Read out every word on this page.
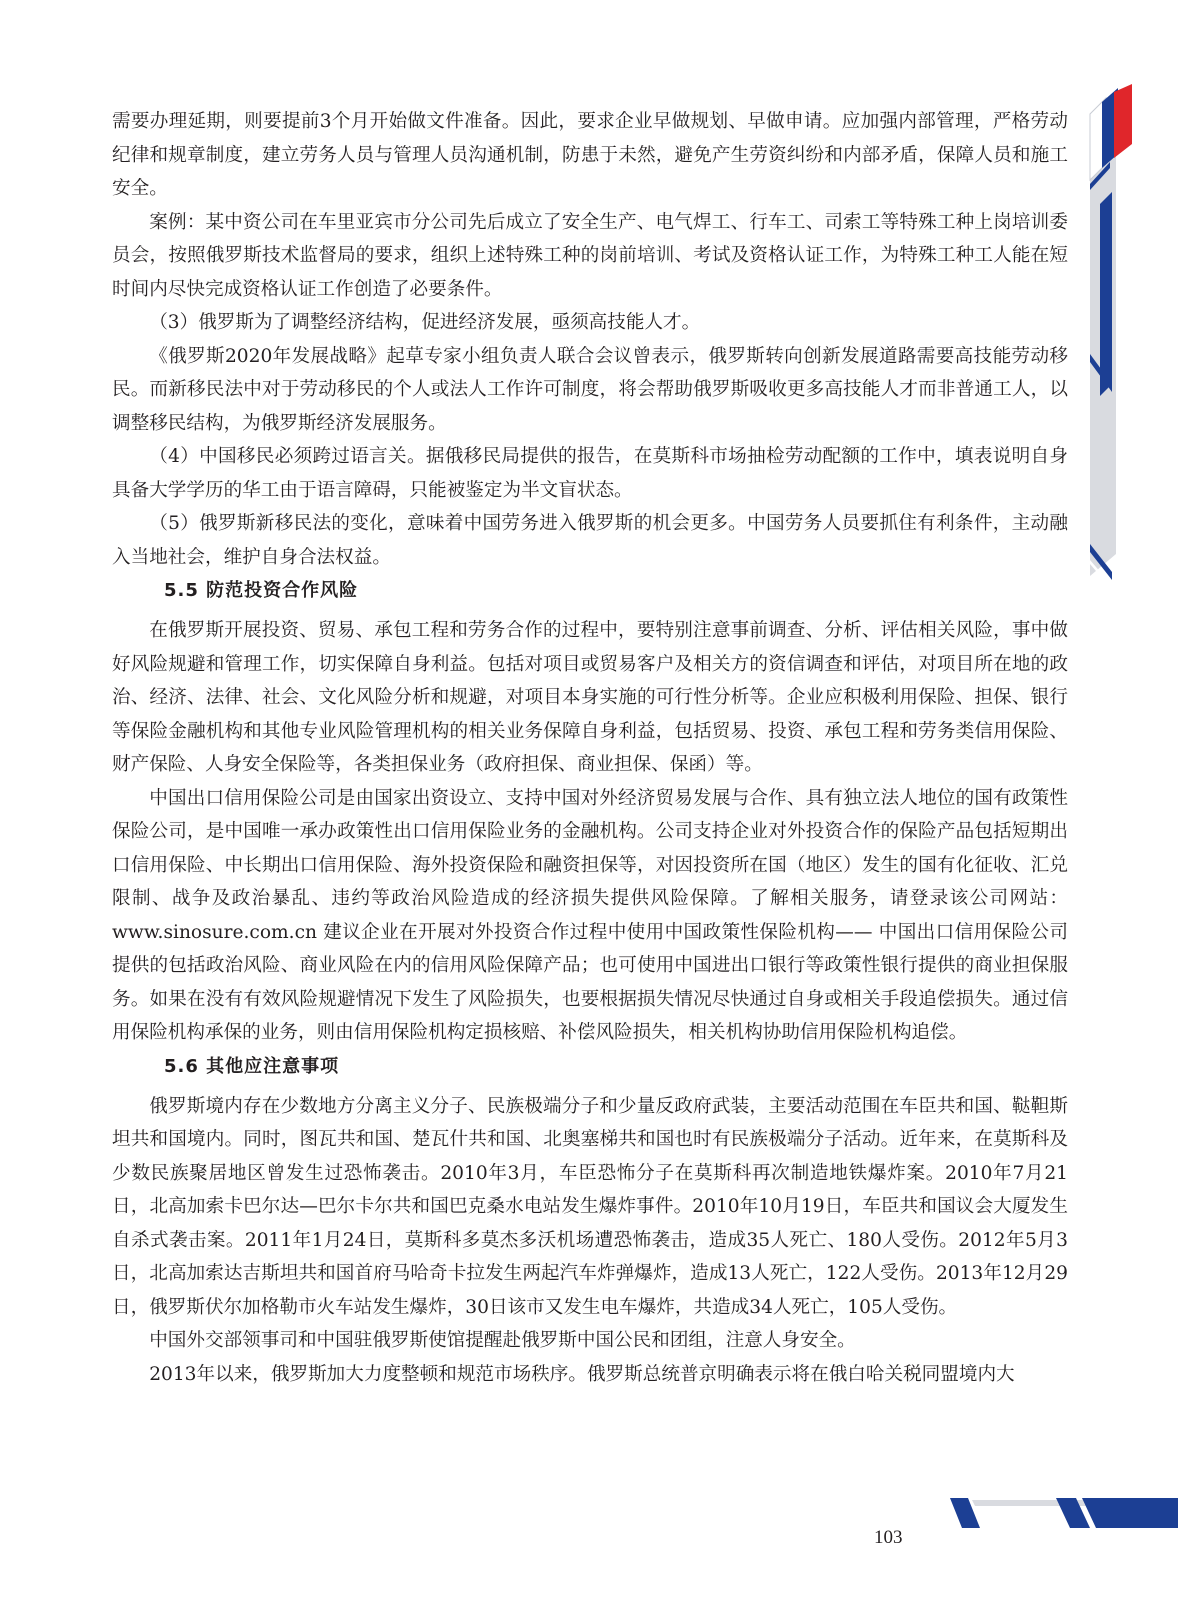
需要办理延期，则要提前3个月开始做文件准备。因此，要求企业早做规划、早做申请。应加强内部管理，严格劳动纪律和规章制度，建立劳务人员与管理人员沟通机制，防患于未然，避免产生劳资纠纷和内部矛盾，保障人员和施工安全。

案例：某中资公司在车里亚宾市分公司先后成立了安全生产、电气焊工、行车工、司索工等特殊工种上岗培训委员会，按照俄罗斯技术监督局的要求，组织上述特殊工种的岗前培训、考试及资格认证工作，为特殊工种工人能在短时间内尽快完成资格认证工作创造了必要条件。

（3）俄罗斯为了调整经济结构，促进经济发展，亟须高技能人才。

《俄罗斯2020年发展战略》起草专家小组负责人联合会议曾表示，俄罗斯转向创新发展道路需要高技能劳动移民。而新移民法中对于劳动移民的个人或法人工作许可制度，将会帮助俄罗斯吸收更多高技能人才而非普通工人，以调整移民结构，为俄罗斯经济发展服务。

（4）中国移民必须跨过语言关。据俄移民局提供的报告，在莫斯科市场抽检劳动配额的工作中，填表说明自身具备大学学历的华工由于语言障碍，只能被鉴定为半文盲状态。

（5）俄罗斯新移民法的变化，意味着中国劳务进入俄罗斯的机会更多。中国劳务人员要抓住有利条件，主动融入当地社会，维护自身合法权益。

5.5 防范投资合作风险

在俄罗斯开展投资、贸易、承包工程和劳务合作的过程中，要特别注意事前调查、分析、评估相关风险，事中做好风险规避和管理工作，切实保障自身利益。包括对项目或贸易客户及相关方的资信调查和评估，对项目所在地的政治、经济、法律、社会、文化风险分析和规避，对项目本身实施的可行性分析等。企业应积极利用保险、担保、银行等保险金融机构和其他专业风险管理机构的相关业务保障自身利益，包括贸易、投资、承包工程和劳务类信用保险、财产保险、人身安全保险等，各类担保业务（政府担保、商业担保、保函）等。

中国出口信用保险公司是由国家出资设立、支持中国对外经济贸易发展与合作、具有独立法人地位的国有政策性保险公司，是中国唯一承办政策性出口信用保险业务的金融机构。公司支持企业对外投资合作的保险产品包括短期出口信用保险、中长期出口信用保险、海外投资保险和融资担保等，对因投资所在国（地区）发生的国有化征收、汇兑限制、战争及政治暴乱、违约等政治风险造成的经济损失提供风险保障。了解相关服务，请登录该公司网站：www.sinosure.com.cn 建议企业在开展对外投资合作过程中使用中国政策性保险机构—— 中国出口信用保险公司提供的包括政治风险、商业风险在内的信用风险保障产品；也可使用中国进出口银行等政策性银行提供的商业担保服务。如果在没有有效风险规避情况下发生了风险损失，也要根据损失情况尽快通过自身或相关手段追偿损失。通过信用保险机构承保的业务，则由信用保险机构定损核赔、补偿风险损失，相关机构协助信用保险机构追偿。

5.6 其他应注意事项

俄罗斯境内存在少数地方分离主义分子、民族极端分子和少量反政府武装，主要活动范围在车臣共和国、鞑靼斯坦共和国境内。同时，图瓦共和国、楚瓦什共和国、北奥塞梯共和国也时有民族极端分子活动。近年来，在莫斯科及少数民族聚居地区曾发生过恐怖袭击。2010年3月，车臣恐怖分子在莫斯科再次制造地铁爆炸案。2010年7月21日，北高加索卡巴尔达—巴尔卡尔共和国巴克桑水电站发生爆炸事件。2010年10月19日，车臣共和国议会大厦发生自杀式袭击案。2011年1月24日，莫斯科多莫杰多沃机场遭恐怖袭击，造成35人死亡、180人受伤。2012年5月3日，北高加索达吉斯坦共和国首府马哈奇卡拉发生两起汽车炸弹爆炸，造成13人死亡，122人受伤。2013年12月29日，俄罗斯伏尔加格勒市火车站发生爆炸，30日该市又发生电车爆炸，共造成34人死亡，105人受伤。

中国外交部领事司和中国驻俄罗斯使馆提醒赴俄罗斯中国公民和团组，注意人身安全。

2013年以来，俄罗斯加大力度整顿和规范市场秩序。俄罗斯总统普京明确表示将在俄白哈关税同盟境内大

103
